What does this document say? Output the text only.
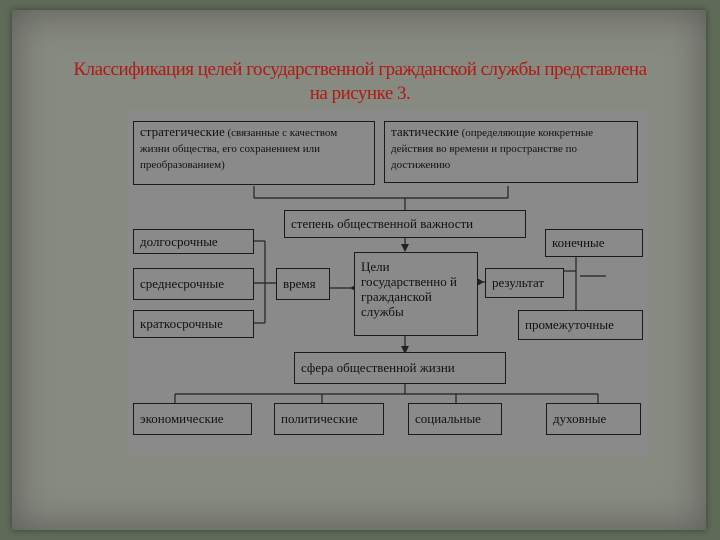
Классификация целей государственной гражданской службы представлена
на рисунке 3.
стратегические (связанные с качеством жизни общества, его сохранением или преобразованием)
тактические (определяющие конкретные действия во времени и пространстве по достижению
степень общественной важности
долгосрочные
среднесрочные
краткосрочные
время
Цели государственно й гражданской службы
результат
конечные
промежуточные
сфера общественной жизни
экономические	политические	социальные	духовные
